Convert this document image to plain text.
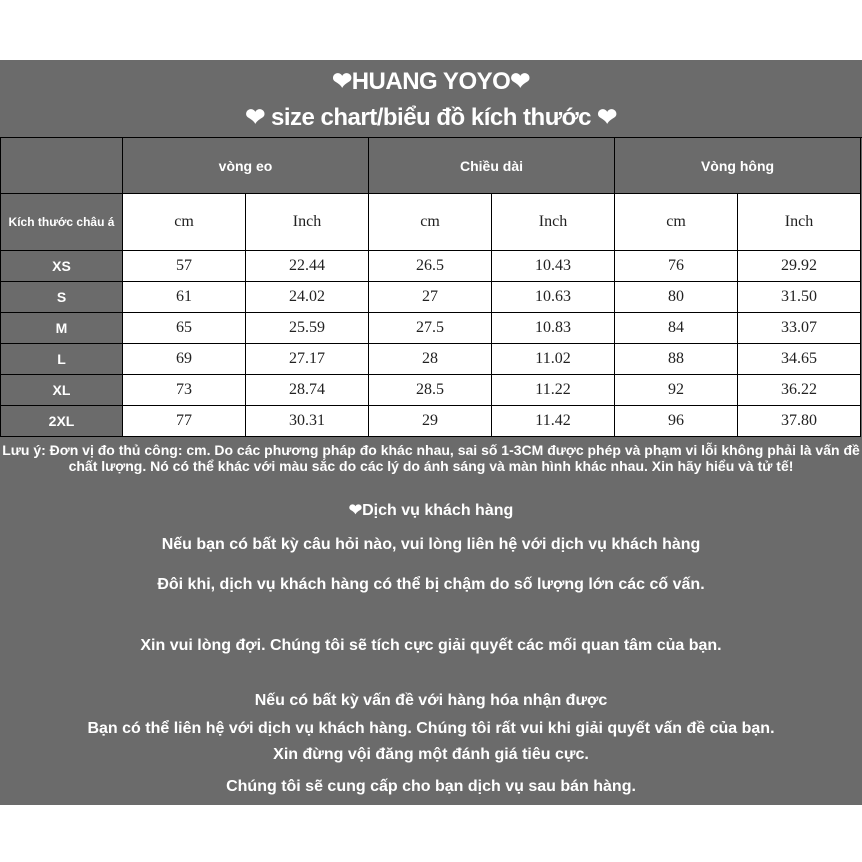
❤HUANG YOYO❤
❤ size chart/biểu đồ kích thước ❤
	vòng eo		Chiều dài		Vòng hông	
Kích thước châu á	cm	Inch	cm	Inch	cm	Inch
XS	57	22.44	26.5	10.43	76	29.92
S	61	24.02	27	10.63	80	31.50
M	65	25.59	27.5	10.83	84	33.07
L	69	27.17	28	11.02	88	34.65
XL	73	28.74	28.5	11.22	92	36.22
2XL	77	30.31	29	11.42	96	37.80

Lưu ý: Đơn vị đo thủ công: cm. Do các phương pháp đo khác nhau, sai số 1-3CM được phép và phạm vi lỗi không phải là vấn đề chất lượng. Nó có thể khác với màu sắc do các lý do ánh sáng và màn hình khác nhau. Xin hãy hiểu và tử tế!

❤Dịch vụ khách hàng
Nếu bạn có bất kỳ câu hỏi nào, vui lòng liên hệ với dịch vụ khách hàng
Đôi khi, dịch vụ khách hàng có thể bị chậm do số lượng lớn các cố vấn.
Xin vui lòng đợi. Chúng tôi sẽ tích cực giải quyết các mối quan tâm của bạn.
Nếu có bất kỳ vấn đề với hàng hóa nhận được
Bạn có thể liên hệ với dịch vụ khách hàng. Chúng tôi rất vui khi giải quyết vấn đề của bạn.
Xin đừng vội đăng một đánh giá tiêu cực.
Chúng tôi sẽ cung cấp cho bạn dịch vụ sau bán hàng.
